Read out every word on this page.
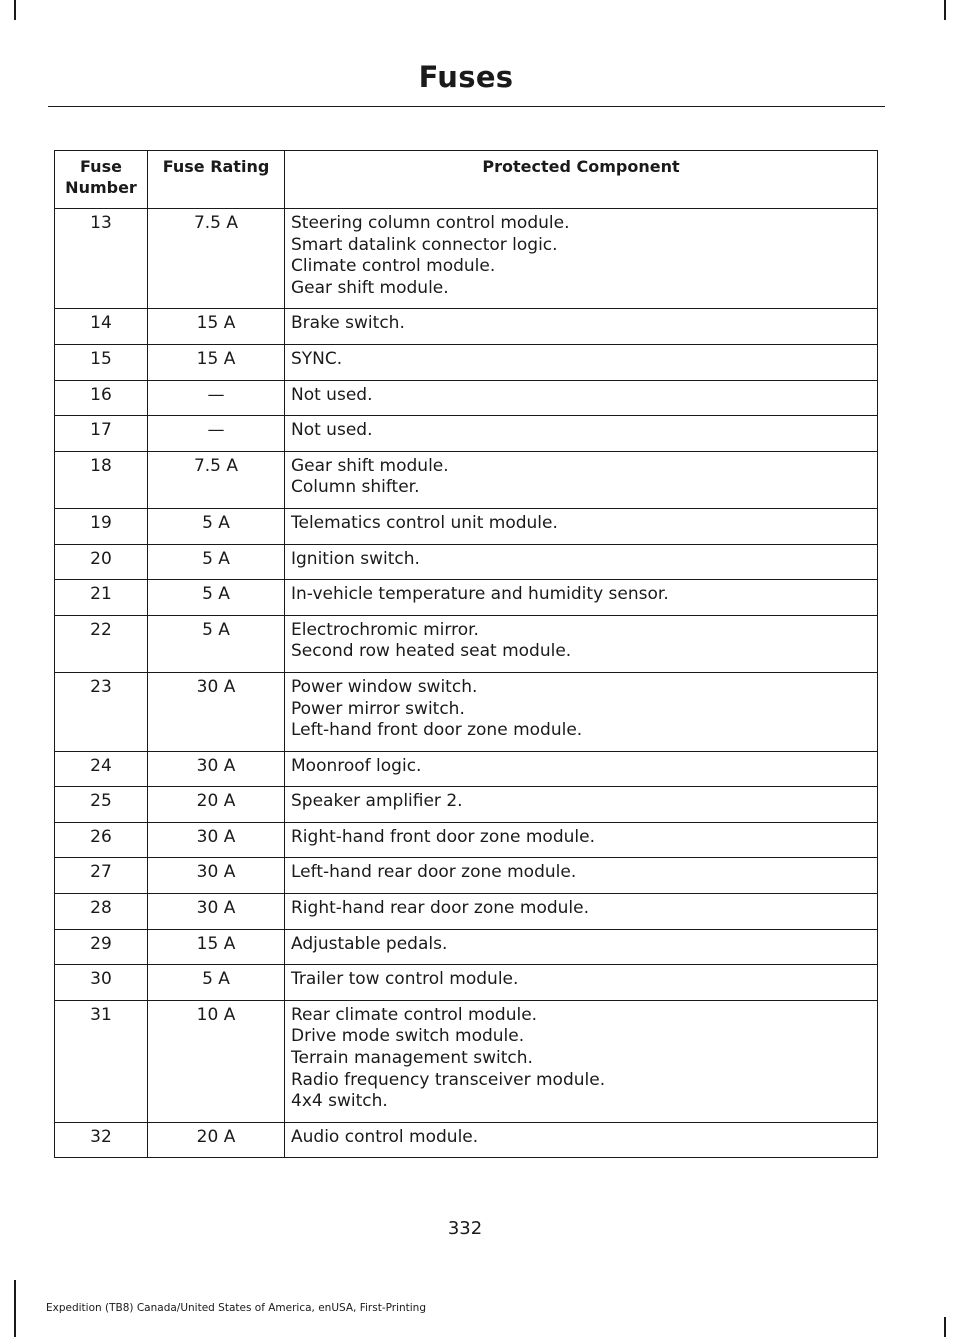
Fuses
Fuse Number	Fuse Rating	Protected Component
13	7.5 A	Steering column control module.
Smart datalink connector logic.
Climate control module.
Gear shift module.

14	15 A	Brake switch.

15	15 A	SYNC.

16	—	Not used.

17	—	Not used.

18	7.5 A	Gear shift module.
Column shifter.

19	5 A	Telematics control unit module.

20	5 A	Ignition switch.

21	5 A	In-vehicle temperature and humidity sensor.

22	5 A	Electrochromic mirror.
Second row heated seat module.

23	30 A	Power window switch.
Power mirror switch.
Left-hand front door zone module.

24	30 A	Moonroof logic.

25	20 A	Speaker amplifier 2.

26	30 A	Right-hand front door zone module.

27	30 A	Left-hand rear door zone module.

28	30 A	Right-hand rear door zone module.

29	15 A	Adjustable pedals.

30	5 A	Trailer tow control module.

31	10 A	Rear climate control module.
Drive mode switch module.
Terrain management switch.
Radio frequency transceiver module.
4x4 switch.

32	20 A	Audio control module.
332
Expedition (TB8) Canada/United States of America, enUSA, First-Printing
